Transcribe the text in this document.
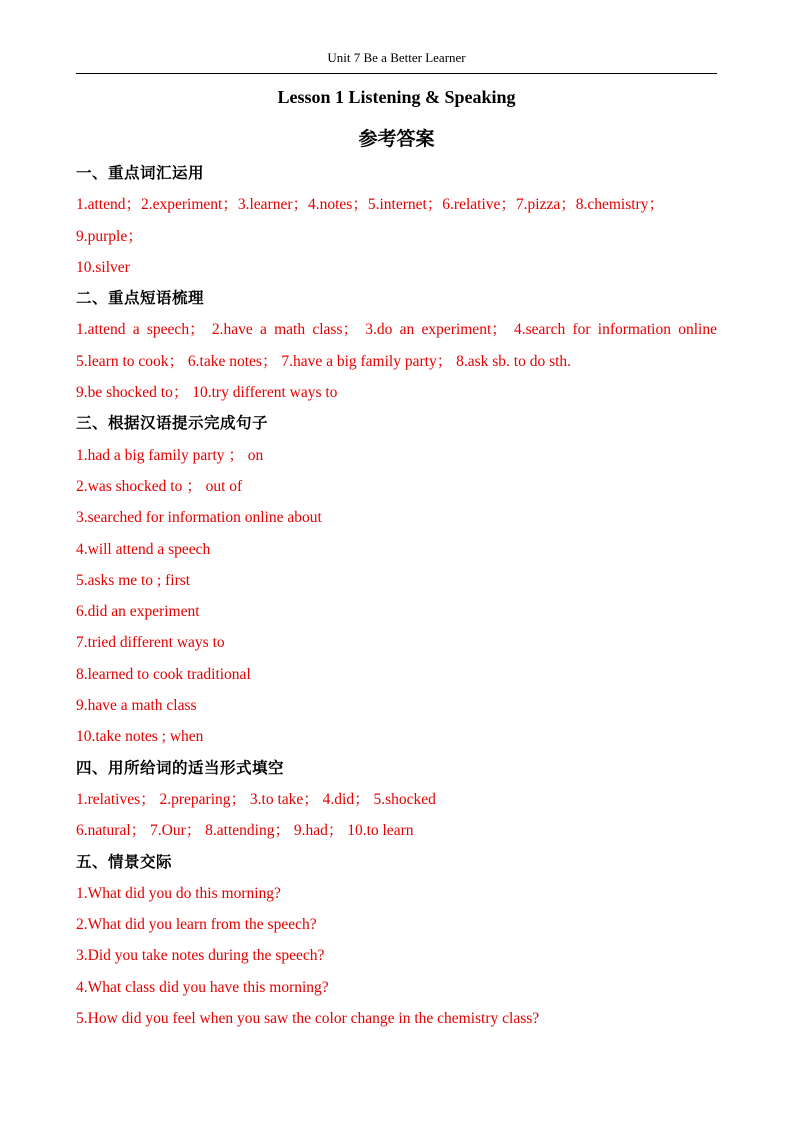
Unit 7 Be a Better Learner
Lesson 1 Listening & Speaking
参考答案
一、重点词汇运用
1.attend；2.experiment；3.learner；4.notes；5.internet；6.relative；7.pizza；8.chemistry；9.purple；
10.silver
二、重点短语梳理
1.attend a speech； 2.have a math class； 3.do an experiment； 4.search for information online
5.learn to cook； 6.take notes； 7.have a big family party； 8.ask sb. to do sth.
9.be shocked to； 10.try different ways to
三、根据汉语提示完成句子
1.had a big family party ； on
2.was shocked to ； out of
3.searched for information online about
4.will attend a speech
5.asks me to ; first
6.did an experiment
7.tried different ways to
8.learned to cook traditional
9.have a math class
10.take notes ; when
四、用所给词的适当形式填空
1.relatives； 2.preparing； 3.to take； 4.did； 5.shocked
6.natural； 7.Our； 8.attending； 9.had； 10.to learn
五、情景交际
1.What did you do this morning?
2.What did you learn from the speech?
3.Did you take notes during the speech?
4.What class did you have this morning?
5.How did you feel when you saw the color change in the chemistry class?
